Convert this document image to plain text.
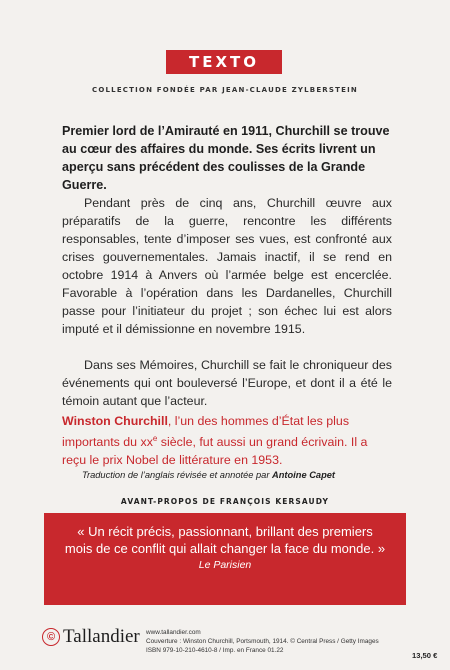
TEXTO
COLLECTION FONDÉE PAR JEAN-CLAUDE ZYLBERSTEIN
Premier lord de l’Amirauté en 1911, Churchill se trouve au cœur des affaires du monde. Ses écrits livrent un aperçu sans précédent des coulisses de la Grande Guerre.
Pendant près de cinq ans, Churchill œuvre aux préparatifs de la guerre, rencontre les différents responsables, tente d’imposer ses vues, est confronté aux crises gouvernementales. Jamais inactif, il se rend en octobre 1914 à Anvers où l’armée belge est encerclée. Favorable à l’opération dans les Dardanelles, Churchill passe pour l’initiateur du projet ; son échec lui est alors imputé et il démissionne en novembre 1915.
Dans ses Mémoires, Churchill se fait le chroniqueur des événements qui ont bouleversé l’Europe, et dont il a été le témoin autant que l’acteur.
Winston Churchill, l’un des hommes d’État les plus importants du $xx^e$ siècle, fut aussi un grand écrivain. Il a reçu le prix Nobel de littérature en 1953.
Traduction de l’anglais révisée et annotée par Antoine Capet
AVANT-PROPOS DE FRANÇOIS KERSAUDY
« Un récit précis, passionnant, brillant des premiers mois de ce conflit qui allait changer la face du monde. »
Le Parisien
© Tallandier www.tallandier.com
Couverture : Winston Churchill, Portsmouth, 1914. © Central Press / Getty Images
ISBN 979-10-210-4610-8 / Imp. en France 01.22
13,50 €
